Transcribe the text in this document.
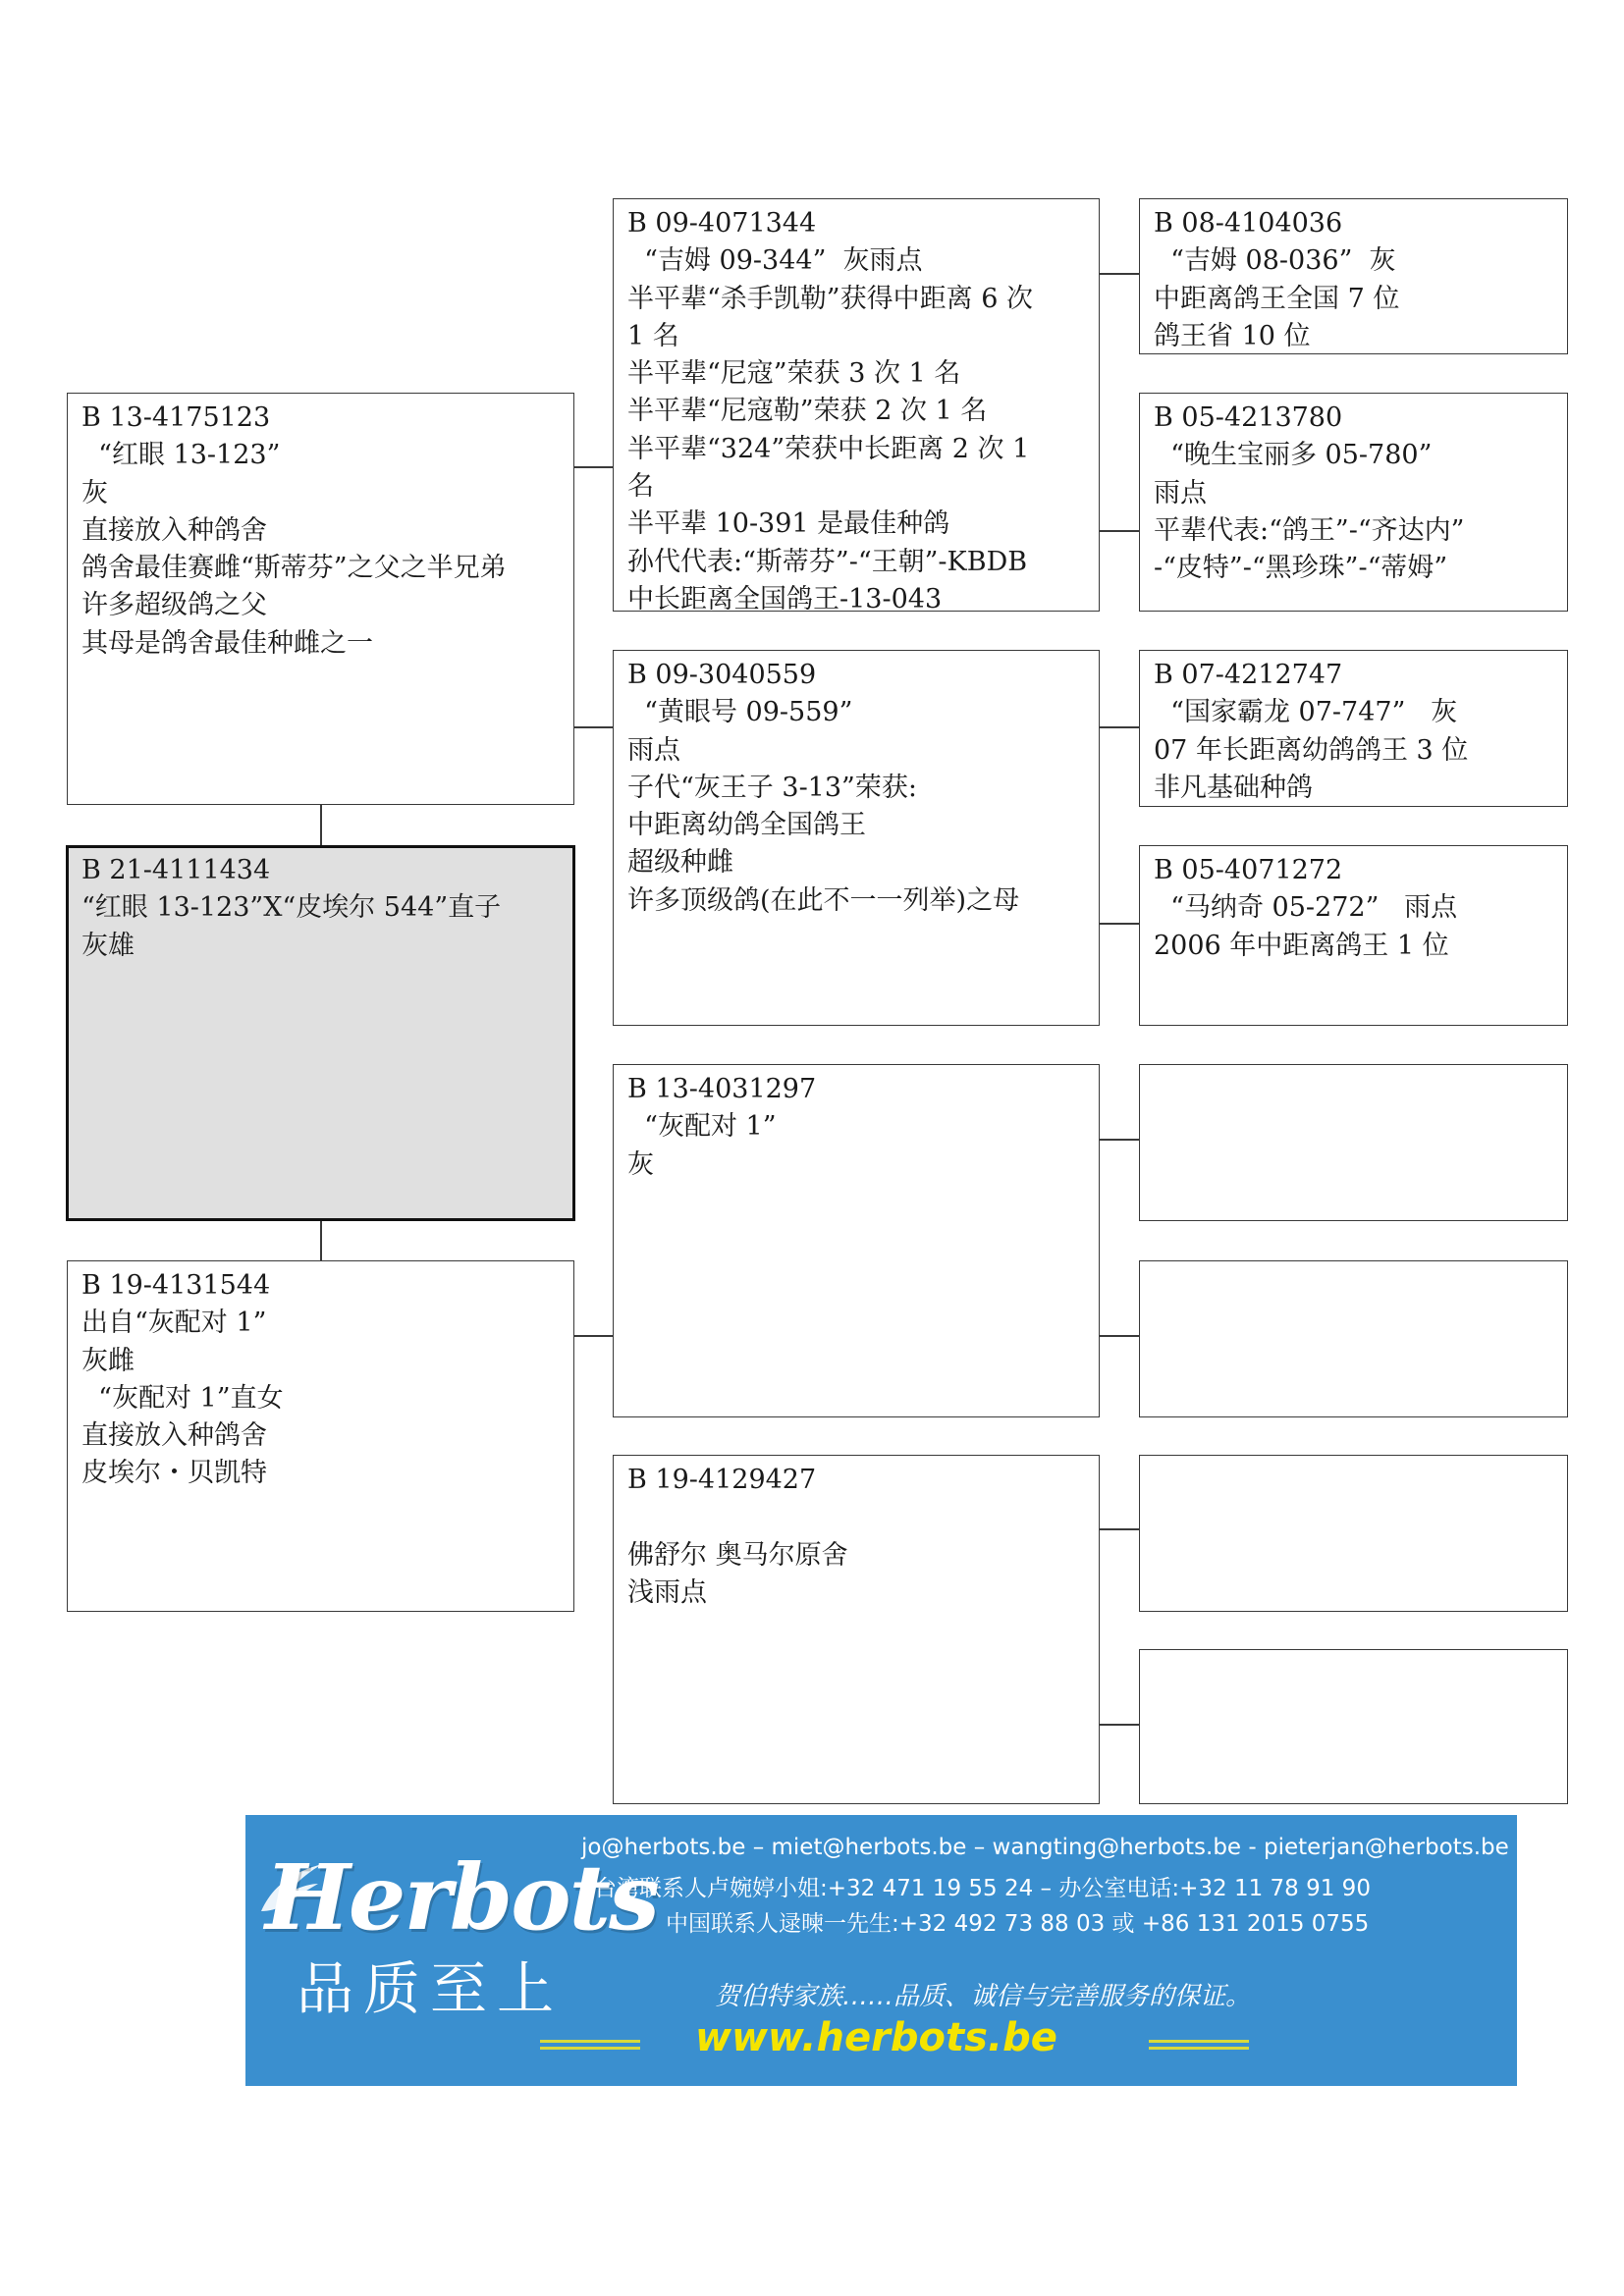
B 13-4175123
“红眼 13-123”
灰
直接放入种鸽舍
鸽舍最佳赛雌“斯蒂芬”之父之半兄弟
许多超级鸽之父
其母是鸽舍最佳种雌之一
B 21-4111434
“红眼 13-123”X“皮埃尔 544”直子
灰雄
B 19-4131544
出自“灰配对 1”
灰雌
“灰配对 1”直女
直接放入种鸽舍
皮埃尔・贝凯特
B 09-4071344
“吉姆 09-344”  灰雨点
半平辈“杀手凯勒”获得中距离 6 次
1 名
半平辈“尼寇”荣获 3 次 1 名
半平辈“尼寇勒”荣获 2 次 1 名
半平辈“324”荣获中长距离 2 次 1
名
半平辈 10-391 是最佳种鸽
孙代代表:“斯蒂芬”-“王朝”-KBDB
中长距离全国鸽王-13-043
B 09-3040559
“黄眼号 09-559”
雨点
子代“灰王子 3-13”荣获:
中距离幼鸽全国鸽王
超级种雌
许多顶级鸽(在此不一一列举)之母
B 13-4031297
“灰配对 1”
灰
B 19-4129427
佛舒尔 奥马尔原舍
浅雨点
B 08-4104036
“吉姆 08-036”  灰
中距离鸽王全国 7 位
鸽王省 10 位
B 05-4213780
“晚生宝丽多 05-780”
雨点
平辈代表:“鸽王”-“齐达内”
-“皮特”-“黑珍珠”-“蒂姆”
B 07-4212747
“国家霸龙 07-747”   灰
07 年长距离幼鸽鸽王 3 位
非凡基础种鸽
B 05-4071272
“马纳奇 05-272”   雨点
2006 年中距离鸽王 1 位
Herbots
品质至上
jo@herbots.be – miet@herbots.be – wangting@herbots.be - pieterjan@herbots.be
台湾联系人卢婉婷小姐:+32 471 19 55 24 – 办公室电话:+32 11 78 91 90
中国联系人逯暕一先生:+32 492 73 88 03 或 +86 131 2015 0755
贺伯特家族……品质、诚信与完善服务的保证。
www.herbots.be
